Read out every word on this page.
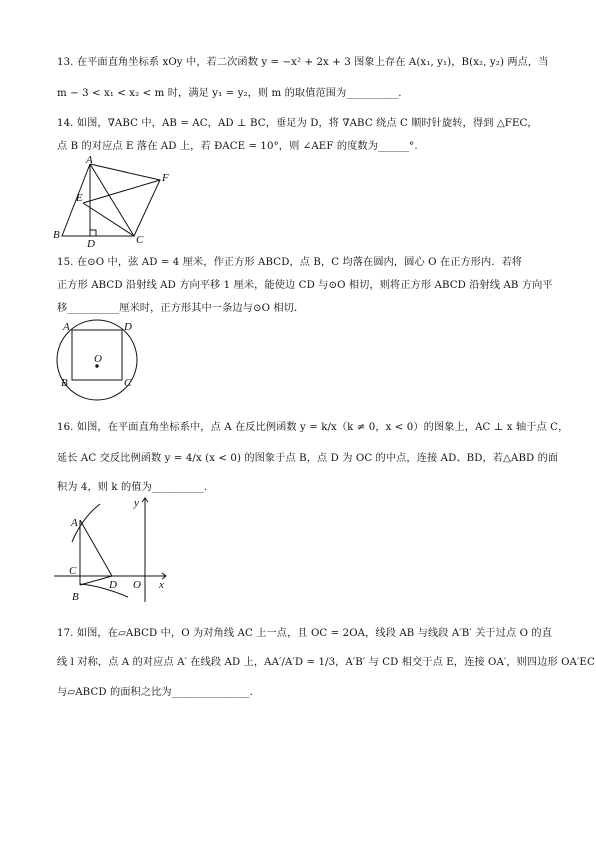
13. 在平面直角坐标系 xOy 中，若二次函数 y = −x² + 2x + 3 图象上存在 A(x₁, y₁)，B(x₂, y₂) 两点，当
m − 3 < x₁ < x₂ < m 时，满足 y₁ = y₂，则 m 的取值范围为__________.
14. 如图，∇ABC 中，AB = AC，AD ⊥ BC，垂足为 D，将 ∇ABC 绕点 C 顺时针旋转，得到 △FEC，
点 B 的对应点 E 落在 AD 上，若 ÐACE = 10°，则 ∠AEF 的度数为______°.
A
B	C
D
E
F
15. 在⊙O 中，弦 AD = 4 厘米，作正方形 ABCD，点 B，C 均落在圆内，圆心 O 在正方形内．若将
正方形 ABCD 沿射线 AD 方向平移 1 厘米，能使边 CD 与⊙O 相切，则将正方形 ABCD 沿射线 AB 方向平
移__________厘米时，正方形其中一条边与⊙O 相切．
O
A	D
B	C
16. 如图，在平面直角坐标系中，点 A 在反比例函数 y = k/x（k ≠ 0，x < 0）的图象上，AC ⊥ x 轴于点 C，
延长 AC 交反比例函数 y = 4/x (x < 0) 的图象于点 B，点 D 为 OC 的中点，连接 AD、BD，若△ABD 的面
积为 4，则 k 的值为__________.
A
C
B
D O x
y
17. 如图，在▱ABCD 中，O 为对角线 AC 上一点，且 OC = 2OA，线段 AB 与线段 A′B′ 关于过点 O 的直
线 l 对称，点 A 的对应点 A′ 在线段 AD 上，AA′/A′D = 1/3，A′B′ 与 CD 相交于点 E，连接 OA′，则四边形 OA′EC
与▱ABCD 的面积之比为_______________.
